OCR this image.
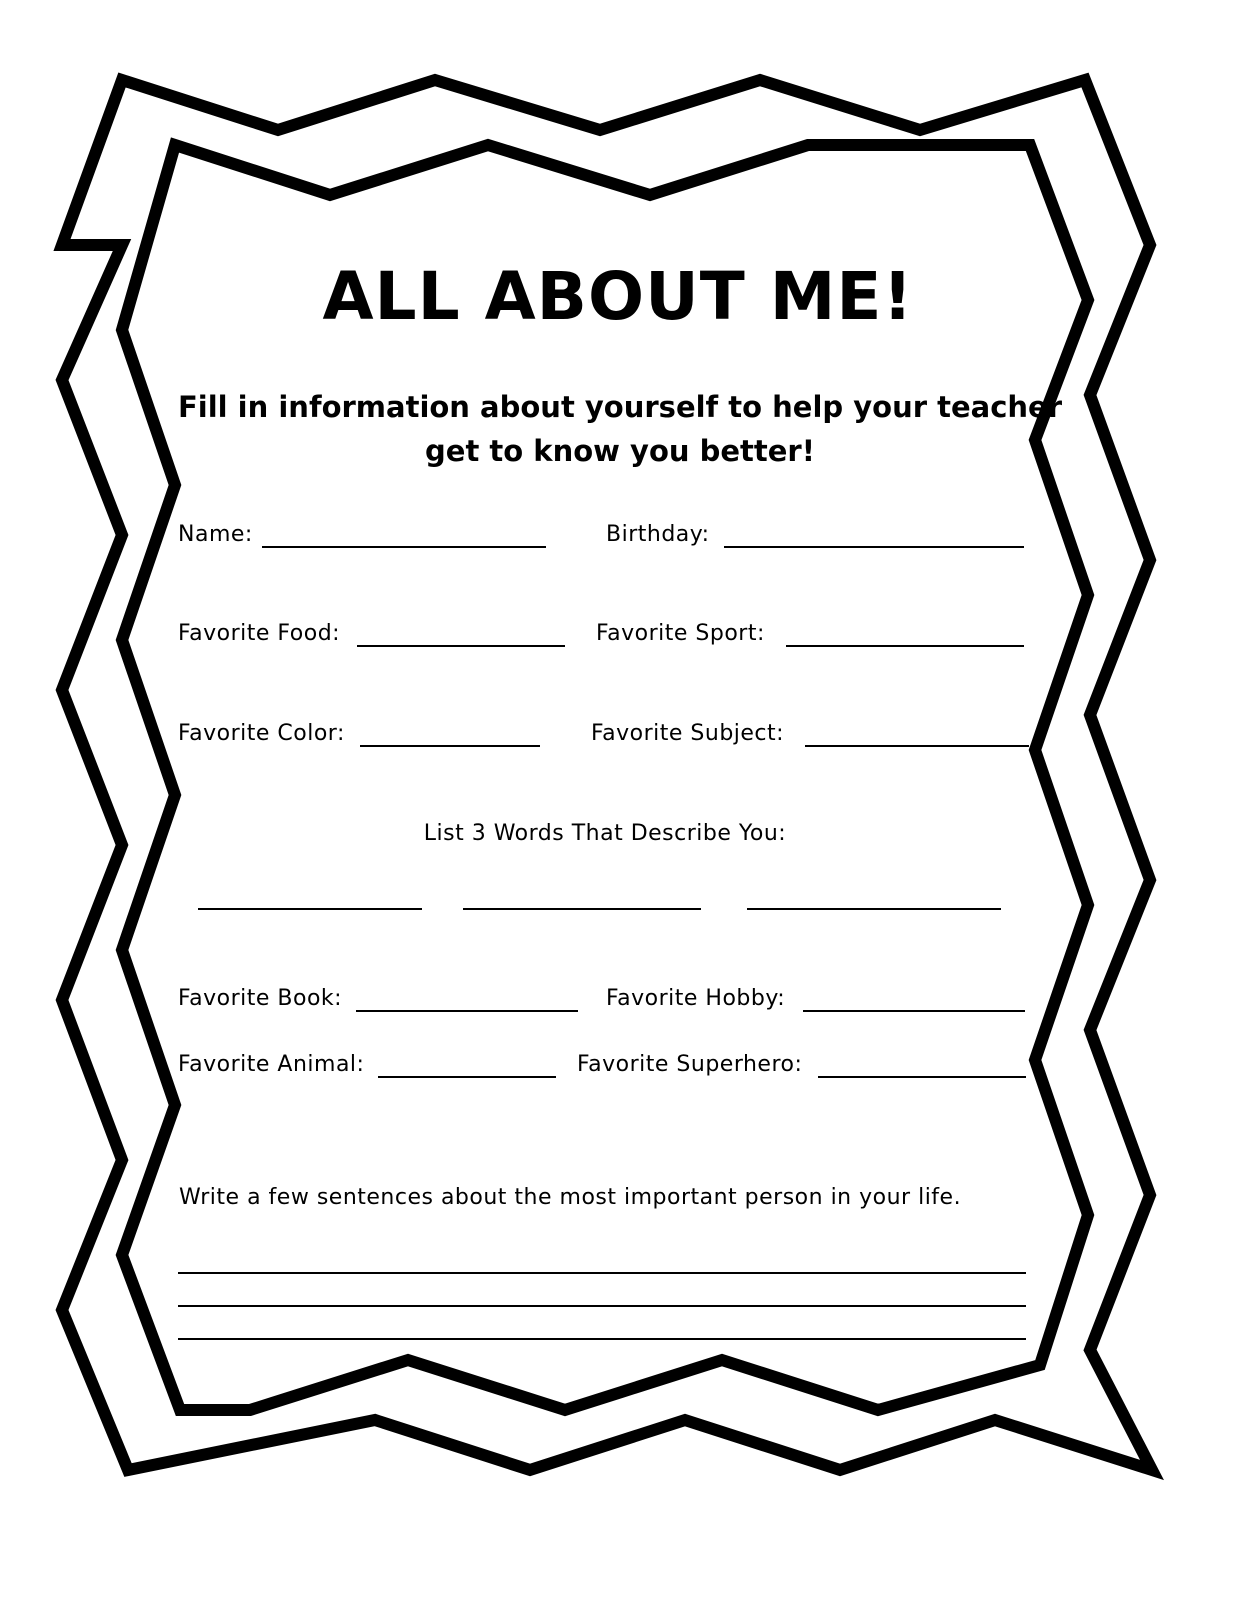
ALL ABOUT ME!
Fill in information about yourself to help your teacher
get to know you better!
Name:	Birthday:
Favorite Food:	Favorite Sport:
Favorite Color:	Favorite Subject:
List 3 Words That Describe You:
Favorite Book:	Favorite Hobby:
Favorite Animal:	Favorite Superhero:
Write a few sentences about the most important person in your life.
